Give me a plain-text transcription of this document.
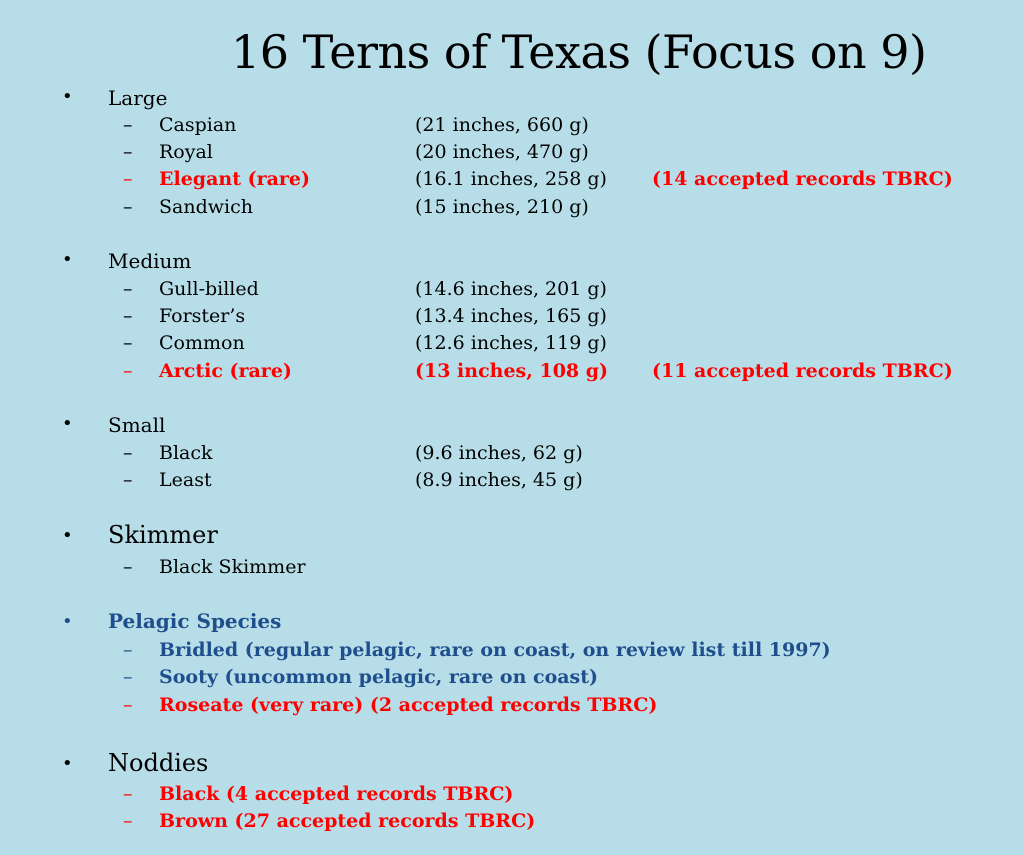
16 Terns of Texas (Focus on 9)
• Large
– Caspian	(21 inches, 660 g)
– Royal	(20 inches, 470 g)
– Elegant (rare)	(16.1 inches, 258 g) (14 accepted records TBRC)
– Sandwich	(15 inches, 210 g)
• Medium
– Gull-billed	(14.6 inches, 201 g)
– Forster’s	(13.4 inches, 165 g)
– Common	(12.6 inches, 119 g)
– Arctic (rare)	(13 inches, 108 g) (11 accepted records TBRC)
• Small
– Black	(9.6 inches, 62 g)
– Least	(8.9 inches, 45 g)
• Skimmer
– Black Skimmer
• Pelagic Species
– Bridled (regular pelagic, rare on coast, on review list till 1997)
– Sooty (uncommon pelagic, rare on coast)
– Roseate (very rare) (2 accepted records TBRC)
• Noddies
– Black (4 accepted records TBRC)
– Brown (27 accepted records TBRC)
